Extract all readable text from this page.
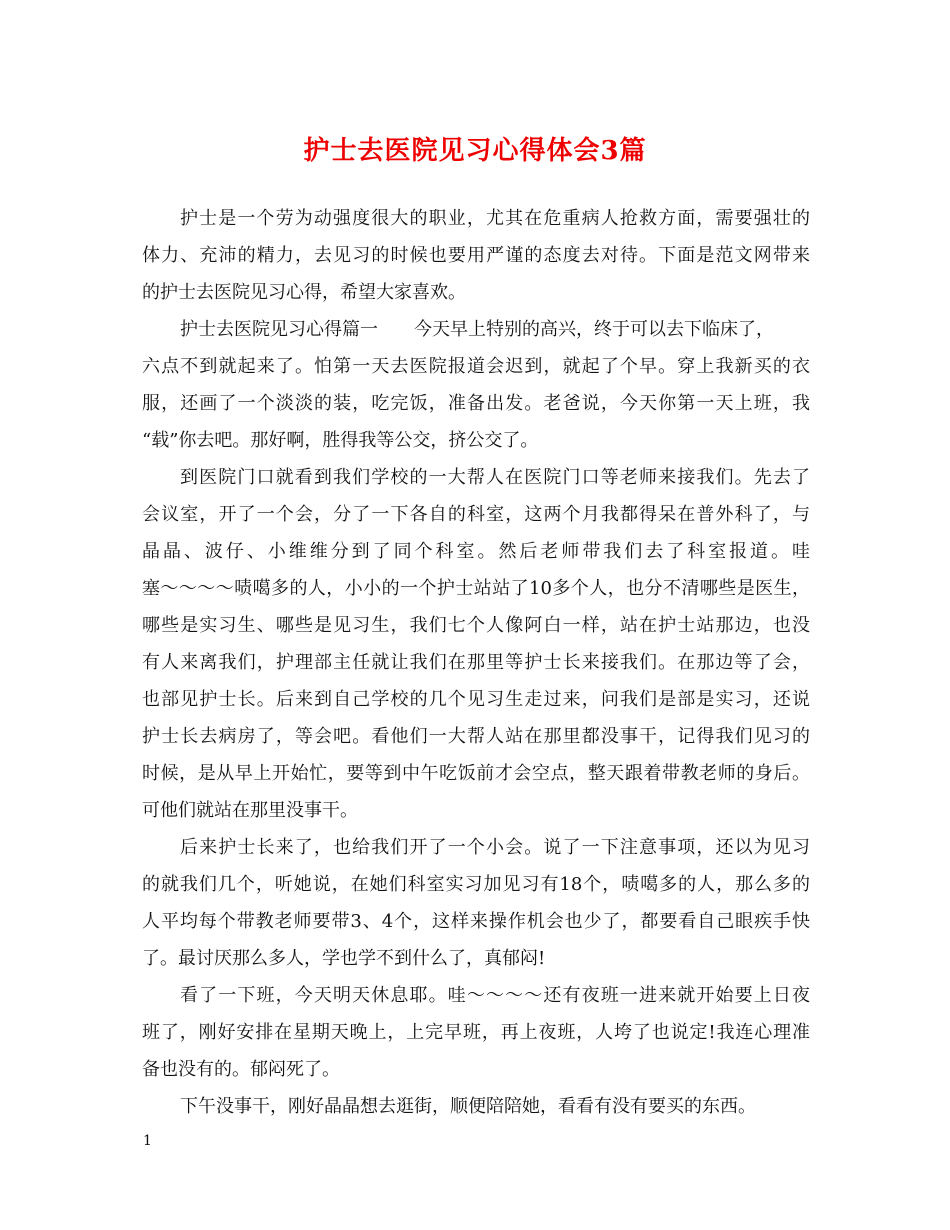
护士去医院见习心得体会3篇
护士是一个劳为动强度很大的职业，尤其在危重病人抢救方面，需要强壮的
体力、充沛的精力，去见习的时候也要用严谨的态度去对待。下面是范文网带来
的护士去医院见习心得，希望大家喜欢。
护士去医院见习心得篇一 今天早上特别的高兴，终于可以去下临床了，
六点不到就起来了。怕第一天去医院报道会迟到，就起了个早。穿上我新买的衣
服，还画了一个淡淡的装，吃完饭，准备出发。老爸说，今天你第一天上班，我
“载”你去吧。那好啊，胜得我等公交，挤公交了。
到医院门口就看到我们学校的一大帮人在医院门口等老师来接我们。先去了
会议室，开了一个会，分了一下各自的科室，这两个月我都得呆在普外科了，与
晶晶、波仔、小维维分到了同个科室。然后老师带我们去了科室报道。哇
塞～～～～啧噶多的人，小小的一个护士站站了10多个人，也分不清哪些是医生，
哪些是实习生、哪些是见习生，我们七个人像阿白一样，站在护士站那边，也没
有人来离我们，护理部主任就让我们在那里等护士长来接我们。在那边等了会，
也部见护士长。后来到自己学校的几个见习生走过来，问我们是部是实习，还说
护士长去病房了，等会吧。看他们一大帮人站在那里都没事干，记得我们见习的
时候，是从早上开始忙，要等到中午吃饭前才会空点，整天跟着带教老师的身后。
可他们就站在那里没事干。
后来护士长来了，也给我们开了一个小会。说了一下注意事项，还以为见习
的就我们几个，听她说，在她们科室实习加见习有18个，啧噶多的人，那么多的
人平均每个带教老师要带3、4个，这样来操作机会也少了，都要看自己眼疾手快
了。最讨厌那么多人，学也学不到什么了，真郁闷!
看了一下班，今天明天休息耶。哇～～～～还有夜班一进来就开始要上日夜
班了，刚好安排在星期天晚上，上完早班，再上夜班，人垮了也说定!我连心理准
备也没有的。郁闷死了。
下午没事干，刚好晶晶想去逛街，顺便陪陪她，看看有没有要买的东西。
1
